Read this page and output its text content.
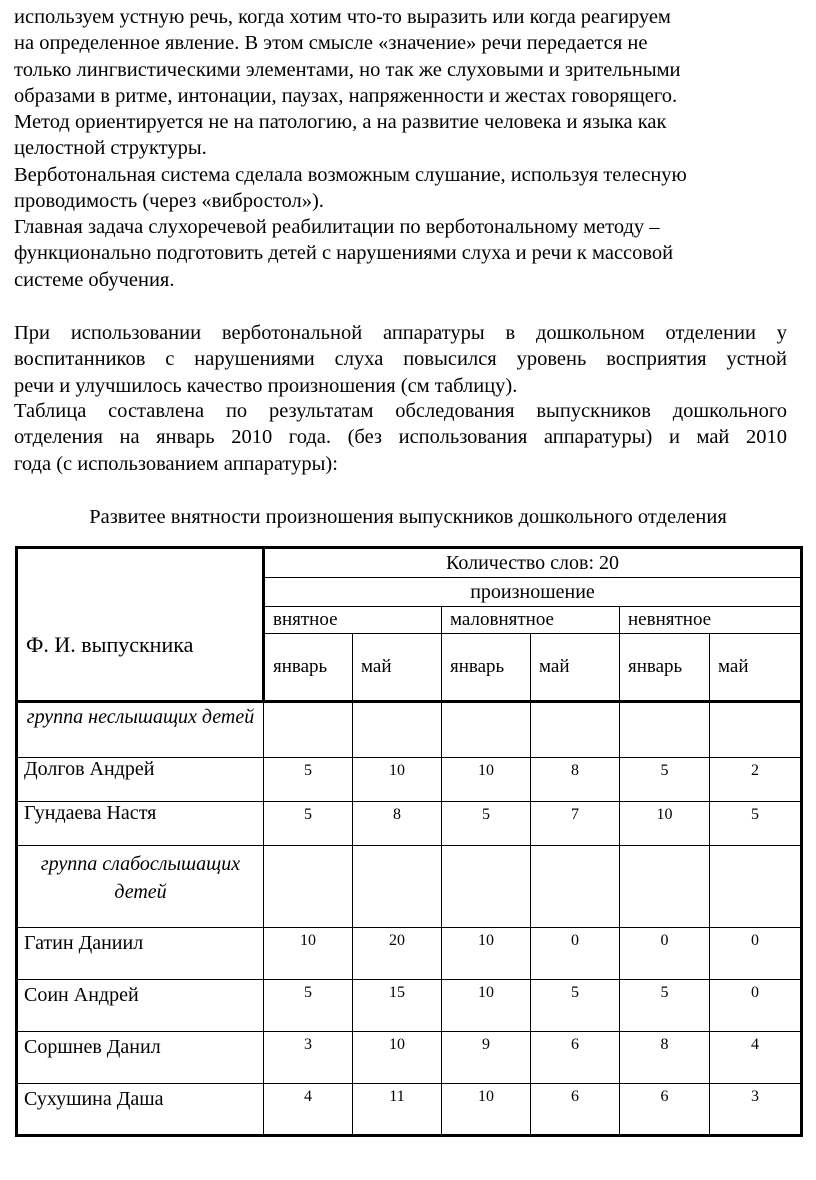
используем устную речь, когда хотим что-то выразить или когда реагируем
на определенное явление. В этом смысле «значение» речи передается не
только лингвистическими элементами, но так же слуховыми и зрительными
образами в ритме, интонации, паузах, напряженности и жестах говорящего.
Метод ориентируется не на патологию, а на развитие человека и языка как
целостной структуры.
Верботональная система сделала возможным слушание, используя телесную
проводимость (через «вибростол»).
Главная задача слухоречевой реабилитации по верботональному методу –
функционально подготовить детей с нарушениями слуха и речи к массовой
системе обучения.
При использовании верботональной аппаратуры в дошкольном отделении у
воспитанников с нарушениями слуха повысился уровень восприятия устной
речи и улучшилось качество произношения (см таблицу).
Таблица составлена по результатам обследования выпускников дошкольного
отделения на январь 2010 года. (без использования аппаратуры) и май 2010
года (с использованием аппаратуры):
Развитее внятности произношения выпускников дошкольного отделения
Ф. И. выпускника	Количество слов: 20					
	произношение					
	внятное		маловнятное		невнятное	
	январь	май	январь	май	январь	май
группа неслышащих детей						
Долгов Андрей	5	10	10	8	5	2
Гундаева Настя	5	8	5	7	10	5
группа слабослышащих детей						
Гатин Даниил	10	20	10	0	0	0
Соин Андрей	5	15	10	5	5	0
Соршнев Данил	3	10	9	6	8	4
Сухушина Даша	4	11	10	6	6	3
